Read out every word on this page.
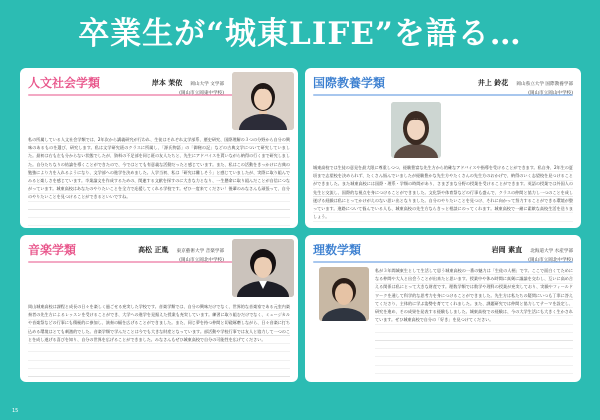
卒業生が“城東LIFE”を語る…
人文社会学類	岸本 茉依 岡山大学 文学部
(岡山市立岡東中学校)
私の所属している人文社会学類では、2年次から講義研究が行われ、生徒はそれぞれ文学部系、歴史研究、国際理解の３つの分野から自分の興味のあるものを選び、研究します。私は文学研究班のクラスに所属し、「源氏物語」の「御秘の記」などの古典文学について研究していました。最初は右も左も分からない状態でしたが、資料の不足部を同じ班の友人たちと、先生にアドバイスを貰いながら納得の行くまで研究しました。自分たちなりの結論を導くことができたので、今ではとても有意義な活動だったと感じています。また、私はこの活動をきっかけに古典の勉強により力を入れるようになり、文学部への進学を決めました。入学当初、私は「研究は難しそう」と感じていましたが、実際に取り組んでみると楽しさを感じています。卒業論文を作成するための、関連する文献を探すのに大きな力となり、一生懸命に取り組んだことが自信につながっています。城東高校はあなたのやりたいことを全力で応援してくれる学校です。ぜひ一度来てください！後輩のみなさんも頑張って、自分のやりたいことを見つけることができるといいですね。
国際教養学類	井上 鈴花 岡山県立大学 国際教養学部
(岡山市立岡山中学校)
城東高校では生徒の意見を最大限に尊重しつつ、経験豊富な先生方から的確なアドバイスや指導を受けることができます。私自身、2年生の夏頃まで志望校を決められず、たくさん悩んでいましたが経験豊かな先生方やたくさんの先生方のおかげで、納得のいく志望校を見つけることができました。また城東高校には国際・理系・学類の時間があり、さまざまな分野の授業を受けることができます。英語の授業では外国人の先生と交流し、国際的な視点を身につけることができました。文化祭や体育祭などの行事も盛んで、クラスの仲間と協力し一つのことを成し遂げる経験は私にとってかけがえのない思い出となりました。自分のやりたいことを見つけ、それに向かって努力することができる環境が整っています。進路について悩んでいる人も、城東高校の先生方ならきっと相談にのってくれます。城東高校で一緒に素敵な高校生活を送りましょう。
音楽学類	高松 正胤 東京藝術大学 音楽学部
(岡山市立岡北中学校)
岡山城東高校は課程と成長の日々を楽しく過ごせる充実した学校です。音楽学類では、自分の興味だけでなく、世界的な音楽家である元室内楽奏者の先生方によるレッスンを受けることができ、大学への進学を見据えた授業も充実しています。練習に取り組むだけでなく、ミュージカルや音楽祭などの行事にも積極的に参加し、演奏の幅を広げることができました。また、同じ夢を持つ仲間と切磋琢磨しながら、日々音楽に打ち込める環境はとても刺激的でした。音楽学類で学んだことは今でも大きな財産となっています。部活動や学校行事では友人と協力して一つのことを成し遂げる喜びを知り、自分の世界を広げることができました。みなさんもぜひ城東高校で自分の可能性を広げてください。
理数学類	岩岡 素直 北海道大学 水産学部
(岡山市立岡北中学校)
私が３年間城東生として生活して思う城東高校の一番の魅力は「生徒の人柄」です。ここで面白くてためになる仲間や大人と出会うことが出来たと思います。授業中や休み時間に真剣に議論を交わし、互いに高め合える関係は私にとって大きな財産です。理数学類では数学や理科の授業が充実しており、実験やフィールドワークを通して科学的な思考力を身につけることができました。先生方は私たちの疑問にいつも丁寧に答えてくださり、主体的に学ぶ姿勢を育ててくれました。また、課題研究では仲間と協力してテーマを設定し、研究を進め、その成果を発表する経験もしました。城東高校での経験は、今の大学生活にも大きく生かされています。ぜひ城東高校で自分の「好き」を見つけてください。
15
